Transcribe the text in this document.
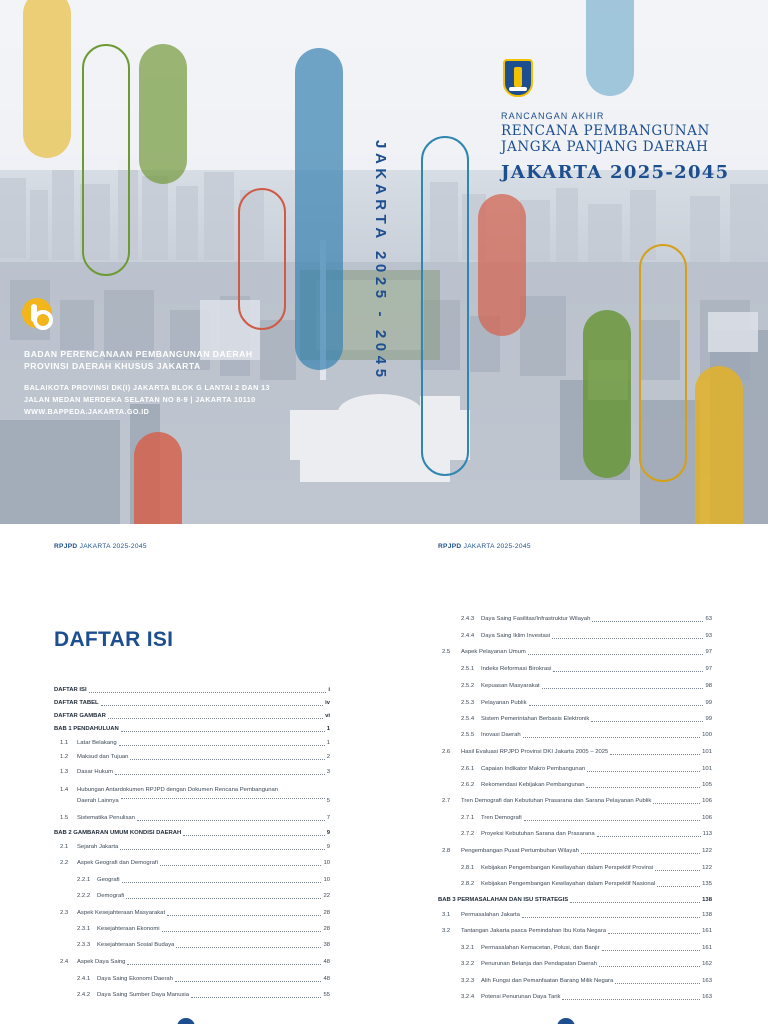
RANCANGAN AKHIR
RENCANA PEMBANGUNAN
JANGKA PANJANG DAERAH
JAKARTA 2025-2045
JAKARTA 2025 - 2045
BADAN PERENCANAAN PEMBANGUNAN DAERAH
PROVINSI DAERAH KHUSUS JAKARTA
BALAIKOTA PROVINSI DK(I) JAKARTA BLOK G LANTAI 2 DAN 13
JALAN MEDAN MERDEKA SELATAN NO 8-9 | JAKARTA 10110
WWW.BAPPEDA.JAKARTA.GO.ID
RPJPD JAKARTA 2025-2045
DAFTAR ISI
DAFTAR ISI	i
DAFTAR TABEL	iv
DAFTAR GAMBAR	vi
BAB 1 PENDAHULUAN	1
1.1	Latar Belakang	1
1.2	Maksud dan Tujuan	2
1.3	Dasar Hukum	3
1.4	Hubungan Antardokumen RPJPD dengan Dokumen Rencana Pembangunan
Daerah Lainnya	5
1.5	Sistematika Penulisan	7
BAB 2 GAMBARAN UMUM KONDISI DAERAH	9
2.1	Sejarah Jakarta	9
2.2	Aspek Geografi dan Demografi	10
2.2.1	Geografi	10
2.2.2	Demografi	22
2.3	Aspek Kesejahteraan Masyarakat	28
2.3.1	Kesejahteraan Ekonomi	28
2.3.3	Kesejahteraan Sosial Budaya	38
2.4	Aspek Daya Saing	48
2.4.1	Daya Saing Ekonomi Daerah	48
2.4.2	Daya Saing Sumber Daya Manusia	55
RPJPD JAKARTA 2025-2045
2.4.3	Daya Saing Fasilitas/Infrastruktur Wilayah	63
2.4.4	Daya Saing Iklim Investasi	93
2.5	Aspek Pelayanan Umum	97
2.5.1	Indeks Reformasi Birokrasi	97
2.5.2	Kepuasan Masyarakat	98
2.5.3	Pelayanan Publik	99
2.5.4	Sistem Pemerintahan Berbasis Elektronik	99
2.5.5	Inovasi Daerah	100
2.6	Hasil Evaluasi RPJPD Provinsi DKI Jakarta 2005 – 2025	101
2.6.1	Capaian Indikator Makro Pembangunan	101
2.6.2	Rekomendasi Kebijakan Pembangunan	105
2.7	Tren Demografi dan Kebutuhan Prasarana dan Sarana Pelayanan Publik	106
2.7.1	Tren Demografi	106
2.7.2	Proyeksi Kebutuhan Sarana dan Prasarana	113
2.8	Pengembangan Pusat Pertumbuhan Wilayah	122
2.8.1	Kebijakan Pengembangan Kewilayahan dalam Perspektif Provinsi	122
2.8.2	Kebijakan Pengembangan Kewilayahan dalam Perspektif Nasional	135
BAB 3 PERMASALAHAN DAN ISU STRATEGIS	138
3.1	Permasalahan Jakarta	138
3.2	Tantangan Jakarta pasca Pemindahan Ibu Kota Negara	161
3.2.1	Permasalahan Kemacetan, Polusi, dan Banjir	161
3.2.2	Penurunan Belanja dan Pendapatan Daerah	162
3.2.3	Alih Fungsi dan Pemanfaatan Barang Milik Negara	163
3.2.4	Potensi Penurunan Daya Tarik	163
